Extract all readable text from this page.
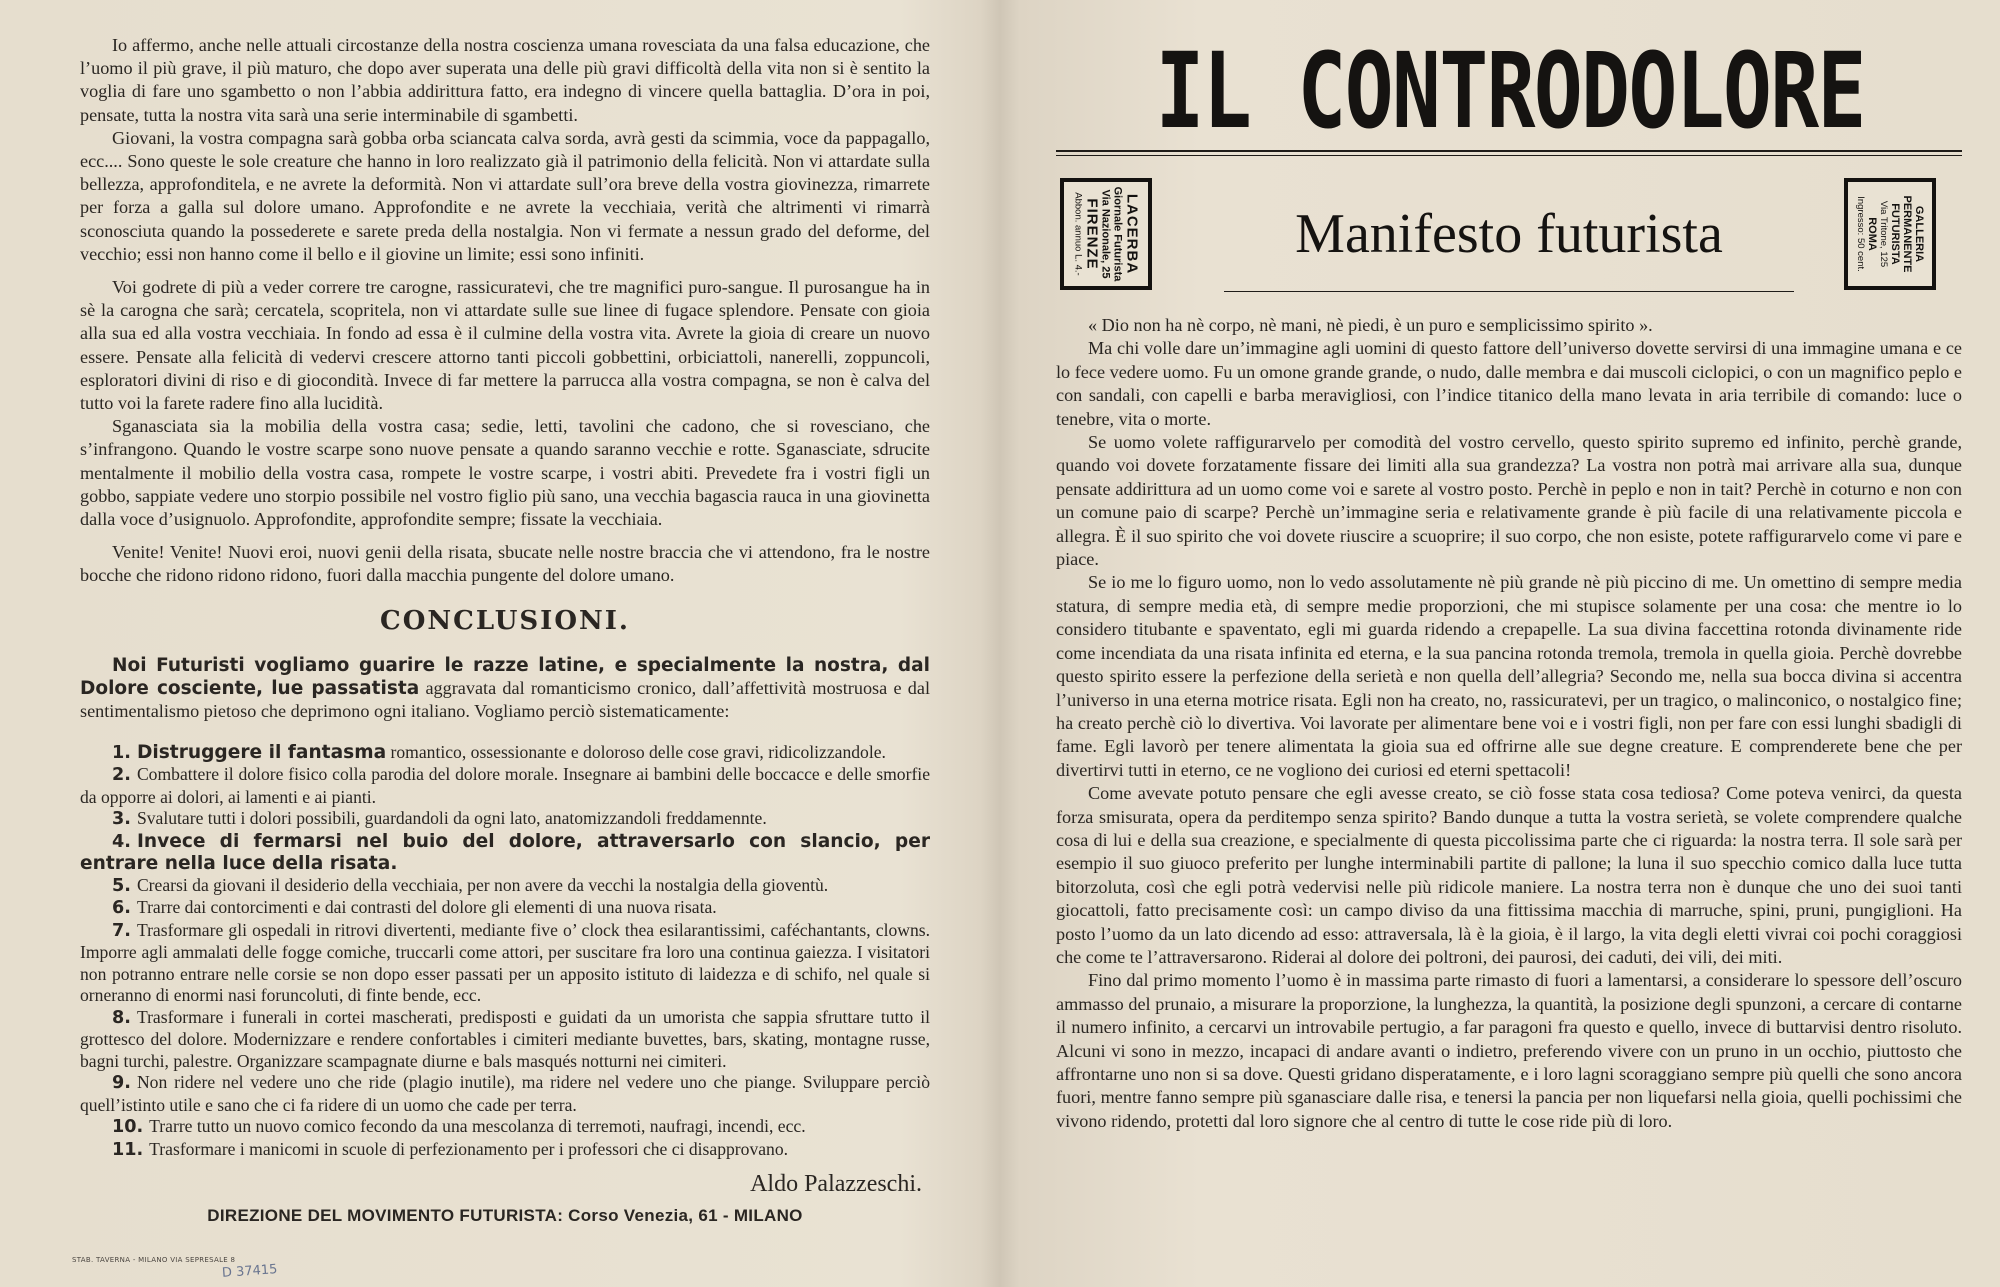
Io affermo, anche nelle attuali circostanze della nostra coscienza umana rovesciata da una falsa educazione, che l’uomo il più grave, il più maturo, che dopo aver superata una delle più gravi difficoltà della vita non si è sentito la voglia di fare uno sgambetto o non l’abbia addirittura fatto, era indegno di vincere quella battaglia. D’ora in poi, pensate, tutta la nostra vita sarà una serie interminabile di sgambetti.

Giovani, la vostra compagna sarà gobba orba sciancata calva sorda, avrà gesti da scimmia, voce da pappagallo, ecc.... Sono queste le sole creature che hanno in loro realizzato già il patrimonio della felicità. Non vi attardate sulla bellezza, approfonditela, e ne avrete la deformità. Non vi attardate sull’ora breve della vostra giovinezza, rimarrete per forza a galla sul dolore umano. Approfondite e ne avrete la vecchiaia, verità che altrimenti vi rimarrà sconosciuta quando la possederete e sarete preda della nostalgia. Non vi fermate a nessun grado del deforme, del vecchio; essi non hanno come il bello e il giovine un limite; essi sono infiniti.

Voi godrete di più a veder correre tre carogne, rassicuratevi, che tre magnifici puro-sangue. Il purosangue ha in sè la carogna che sarà; cercatela, scopritela, non vi attardate sulle sue linee di fugace splendore. Pensate con gioia alla sua ed alla vostra vecchiaia. In fondo ad essa è il culmine della vostra vita. Avrete la gioia di creare un nuovo essere. Pensate alla felicità di vedervi crescere attorno tanti piccoli gobbettini, orbiciattoli, nanerelli, zoppuncoli, esploratori divini di riso e di giocondità. Invece di far mettere la parrucca alla vostra compagna, se non è calva del tutto voi la farete radere fino alla lucidità.

Sganasciata sia la mobilia della vostra casa; sedie, letti, tavolini che cadono, che si rovesciano, che s’infrangono. Quando le vostre scarpe sono nuove pensate a quando saranno vecchie e rotte. Sganasciate, sdrucite mentalmente il mobilio della vostra casa, rompete le vostre scarpe, i vostri abiti. Prevedete fra i vostri figli un gobbo, sappiate vedere uno storpio possibile nel vostro figlio più sano, una vecchia bagascia rauca in una giovinetta dalla voce d’usignuolo. Approfondite, approfondite sempre; fissate la vecchiaia.

Venite! Venite! Nuovi eroi, nuovi genii della risata, sbucate nelle nostre braccia che vi attendono, fra le nostre bocche che ridono ridono ridono, fuori dalla macchia pungente del dolore umano.

CONCLUSIONI.

Noi Futuristi vogliamo guarire le razze latine, e specialmente la nostra, dal Dolore cosciente, lue passatista aggravata dal romanticismo cronico, dall’affettività mostruosa e dal sentimentalismo pietoso che deprimono ogni italiano. Vogliamo perciò sistematicamente:

1. Distruggere il fantasma romantico, ossessionante e doloroso delle cose gravi, ridicolizzandole.
2. Combattere il dolore fisico colla parodia del dolore morale. Insegnare ai bambini delle boccacce e delle smorfie da opporre ai dolori, ai lamenti e ai pianti.
3. Svalutare tutti i dolori possibili, guardandoli da ogni lato, anatomizzandoli freddamennte.
4. Invece di fermarsi nel buio del dolore, attraversarlo con slancio, per entrare nella luce della risata.
5. Crearsi da giovani il desiderio della vecchiaia, per non avere da vecchi la nostalgia della gioventù.
6. Trarre dai contorcimenti e dai contrasti del dolore gli elementi di una nuova risata.
7. Trasformare gli ospedali in ritrovi divertenti, mediante five o’ clock thea esilarantissimi, caféchantants, clowns. Imporre agli ammalati delle fogge comiche, truccarli come attori, per suscitare fra loro una continua gaiezza. I visitatori non potranno entrare nelle corsie se non dopo esser passati per un apposito istituto di laidezza e di schifo, nel quale si orneranno di enormi nasi foruncoluti, di finte bende, ecc.
8. Trasformare i funerali in cortei mascherati, predisposti e guidati da un umorista che sappia sfruttare tutto il grottesco del dolore. Modernizzare e rendere confortables i cimiteri mediante buvettes, bars, skating, montagne russe, bagni turchi, palestre. Organizzare scampagnate diurne e bals masqués notturni nei cimiteri.
9. Non ridere nel vedere uno che ride (plagio inutile), ma ridere nel vedere uno che piange. Sviluppare perciò quell’istinto utile e sano che ci fa ridere di un uomo che cade per terra.
10. Trarre tutto un nuovo comico fecondo da una mescolanza di terremoti, naufragi, incendi, ecc.
11. Trasformare i manicomi in scuole di perfezionamento per i professori che ci disapprovano.
Aldo Palazzeschi.
DIREZIONE DEL MOVIMENTO FUTURISTA: Corso Venezia, 61 - MILANO
STAB. TAVERNA - MILANO VIA SEPRESALE 8
D 37415
IL CONTRODOLORE
LACERBA
Giornale Futurista
Via Nazionale, 25
FIRENZE
Abbon. annuo L. 4.-	Manifesto futurista	GALLERIA
PERMANENTE
FUTURISTA
Via Tritone, 125
ROMA
Ingresso: 50 cent.

« Dio non ha nè corpo, nè mani, nè piedi, è un puro e semplicissimo spirito ».

Ma chi volle dare un’immagine agli uomini di questo fattore dell’universo dovette servirsi di una immagine umana e ce lo fece vedere uomo. Fu un omone grande grande, o nudo, dalle membra e dai muscoli ciclopici, o con un magnifico peplo e con sandali, con capelli e barba meravigliosi, con l’indice titanico della mano levata in aria terribile di comando: luce o tenebre, vita o morte.

Se uomo volete raffigurarvelo per comodità del vostro cervello, questo spirito supremo ed infinito, perchè grande, quando voi dovete forzatamente fissare dei limiti alla sua grandezza? La vostra non potrà mai arrivare alla sua, dunque pensate addirittura ad un uomo come voi e sarete al vostro posto. Perchè in peplo e non in tait? Perchè in coturno e non con un comune paio di scarpe? Perchè un’immagine seria e relativamente grande è più facile di una relativamente piccola e allegra. È il suo spirito che voi dovete riuscire a scuoprire; il suo corpo, che non esiste, potete raffigurarvelo come vi pare e piace.

Se io me lo figuro uomo, non lo vedo assolutamente nè più grande nè più piccino di me. Un omettino di sempre media statura, di sempre media età, di sempre medie proporzioni, che mi stupisce solamente per una cosa: che mentre io lo considero titubante e spaventato, egli mi guarda ridendo a crepapelle. La sua divina faccettina rotonda divinamente ride come incendiata da una risata infinita ed eterna, e la sua pancina rotonda tremola, tremola in quella gioia. Perchè dovrebbe questo spirito essere la perfezione della serietà e non quella dell’allegria? Secondo me, nella sua bocca divina si accentra l’universo in una eterna motrice risata. Egli non ha creato, no, rassicuratevi, per un tragico, o malinconico, o nostalgico fine; ha creato perchè ciò lo divertiva. Voi lavorate per alimentare bene voi e i vostri figli, non per fare con essi lunghi sbadigli di fame. Egli lavorò per tenere alimentata la gioia sua ed offrirne alle sue degne creature. E comprenderete bene che per divertirvi tutti in eterno, ce ne vogliono dei curiosi ed eterni spettacoli!

Come avevate potuto pensare che egli avesse creato, se ciò fosse stata cosa tediosa? Come poteva venirci, da questa forza smisurata, opera da perditempo senza spirito? Bando dunque a tutta la vostra serietà, se volete comprendere qualche cosa di lui e della sua creazione, e specialmente di questa piccolissima parte che ci riguarda: la nostra terra. Il sole sarà per esempio il suo giuoco preferito per lunghe interminabili partite di pallone; la luna il suo specchio comico dalla luce tutta bitorzoluta, così che egli potrà vedervisi nelle più ridicole maniere. La nostra terra non è dunque che uno dei suoi tanti giocattoli, fatto precisamente così: un campo diviso da una fittissima macchia di marruche, spini, pruni, pungiglioni. Ha posto l’uomo da un lato dicendo ad esso: attraversala, là è la gioia, è il largo, la vita degli eletti vivrai coi pochi coraggiosi che come te l’attraversarono. Riderai al dolore dei poltroni, dei paurosi, dei caduti, dei vili, dei miti.

Fino dal primo momento l’uomo è in massima parte rimasto di fuori a lamentarsi, a considerare lo spessore dell’oscuro ammasso del prunaio, a misurare la proporzione, la lunghezza, la quantità, la posizione degli spunzoni, a cercare di contarne il numero infinito, a cercarvi un introvabile pertugio, a far paragoni fra questo e quello, invece di buttarvisi dentro risoluto. Alcuni vi sono in mezzo, incapaci di andare avanti o indietro, preferendo vivere con un pruno in un occhio, piuttosto che affrontarne uno non si sa dove. Questi gridano disperatamente, e i loro lagni scoraggiano sempre più quelli che sono ancora fuori, mentre fanno sempre più sganasciare dalle risa, e tenersi la pancia per non liquefarsi nella gioia, quelli pochissimi che vivono ridendo, protetti dal loro signore che al centro di tutte le cose ride più di loro.
